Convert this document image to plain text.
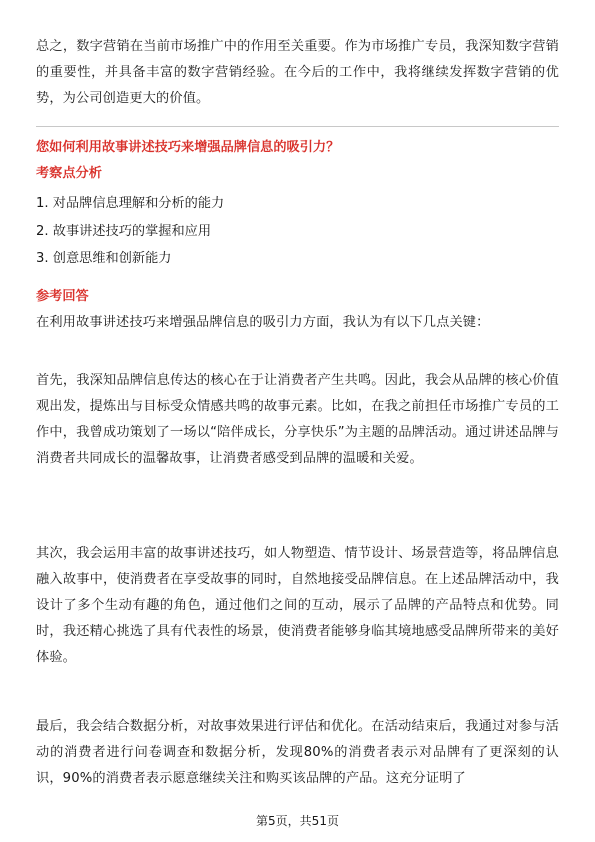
总之，数字营销在当前市场推广中的作用至关重要。作为市场推广专员，我深知数字营销的重要性，并具备丰富的数字营销经验。在今后的工作中，我将继续发挥数字营销的优势，为公司创造更大的价值。

您如何利用故事讲述技巧来增强品牌信息的吸引力？

考察点分析

1. 对品牌信息理解和分析的能力
2. 故事讲述技巧的掌握和应用
3. 创意思维和创新能力

参考回答

在利用故事讲述技巧来增强品牌信息的吸引力方面，我认为有以下几点关键：

首先，我深知品牌信息传达的核心在于让消费者产生共鸣。因此，我会从品牌的核心价值观出发，提炼出与目标受众情感共鸣的故事元素。比如，在我之前担任市场推广专员的工作中，我曾成功策划了一场以“陪伴成长，分享快乐”为主题的品牌活动。通过讲述品牌与消费者共同成长的温馨故事，让消费者感受到品牌的温暖和关爱。

其次，我会运用丰富的故事讲述技巧，如人物塑造、情节设计、场景营造等，将品牌信息融入故事中，使消费者在享受故事的同时，自然地接受品牌信息。在上述品牌活动中，我设计了多个生动有趣的角色，通过他们之间的互动，展示了品牌的产品特点和优势。同时，我还精心挑选了具有代表性的场景，使消费者能够身临其境地感受品牌所带来的美好体验。

最后，我会结合数据分析，对故事效果进行评估和优化。在活动结束后，我通过对参与活动的消费者进行问卷调查和数据分析，发现80%的消费者表示对品牌有了更深刻的认识，90%的消费者表示愿意继续关注和购买该品牌的产品。这充分证明了

第5页，共51页
